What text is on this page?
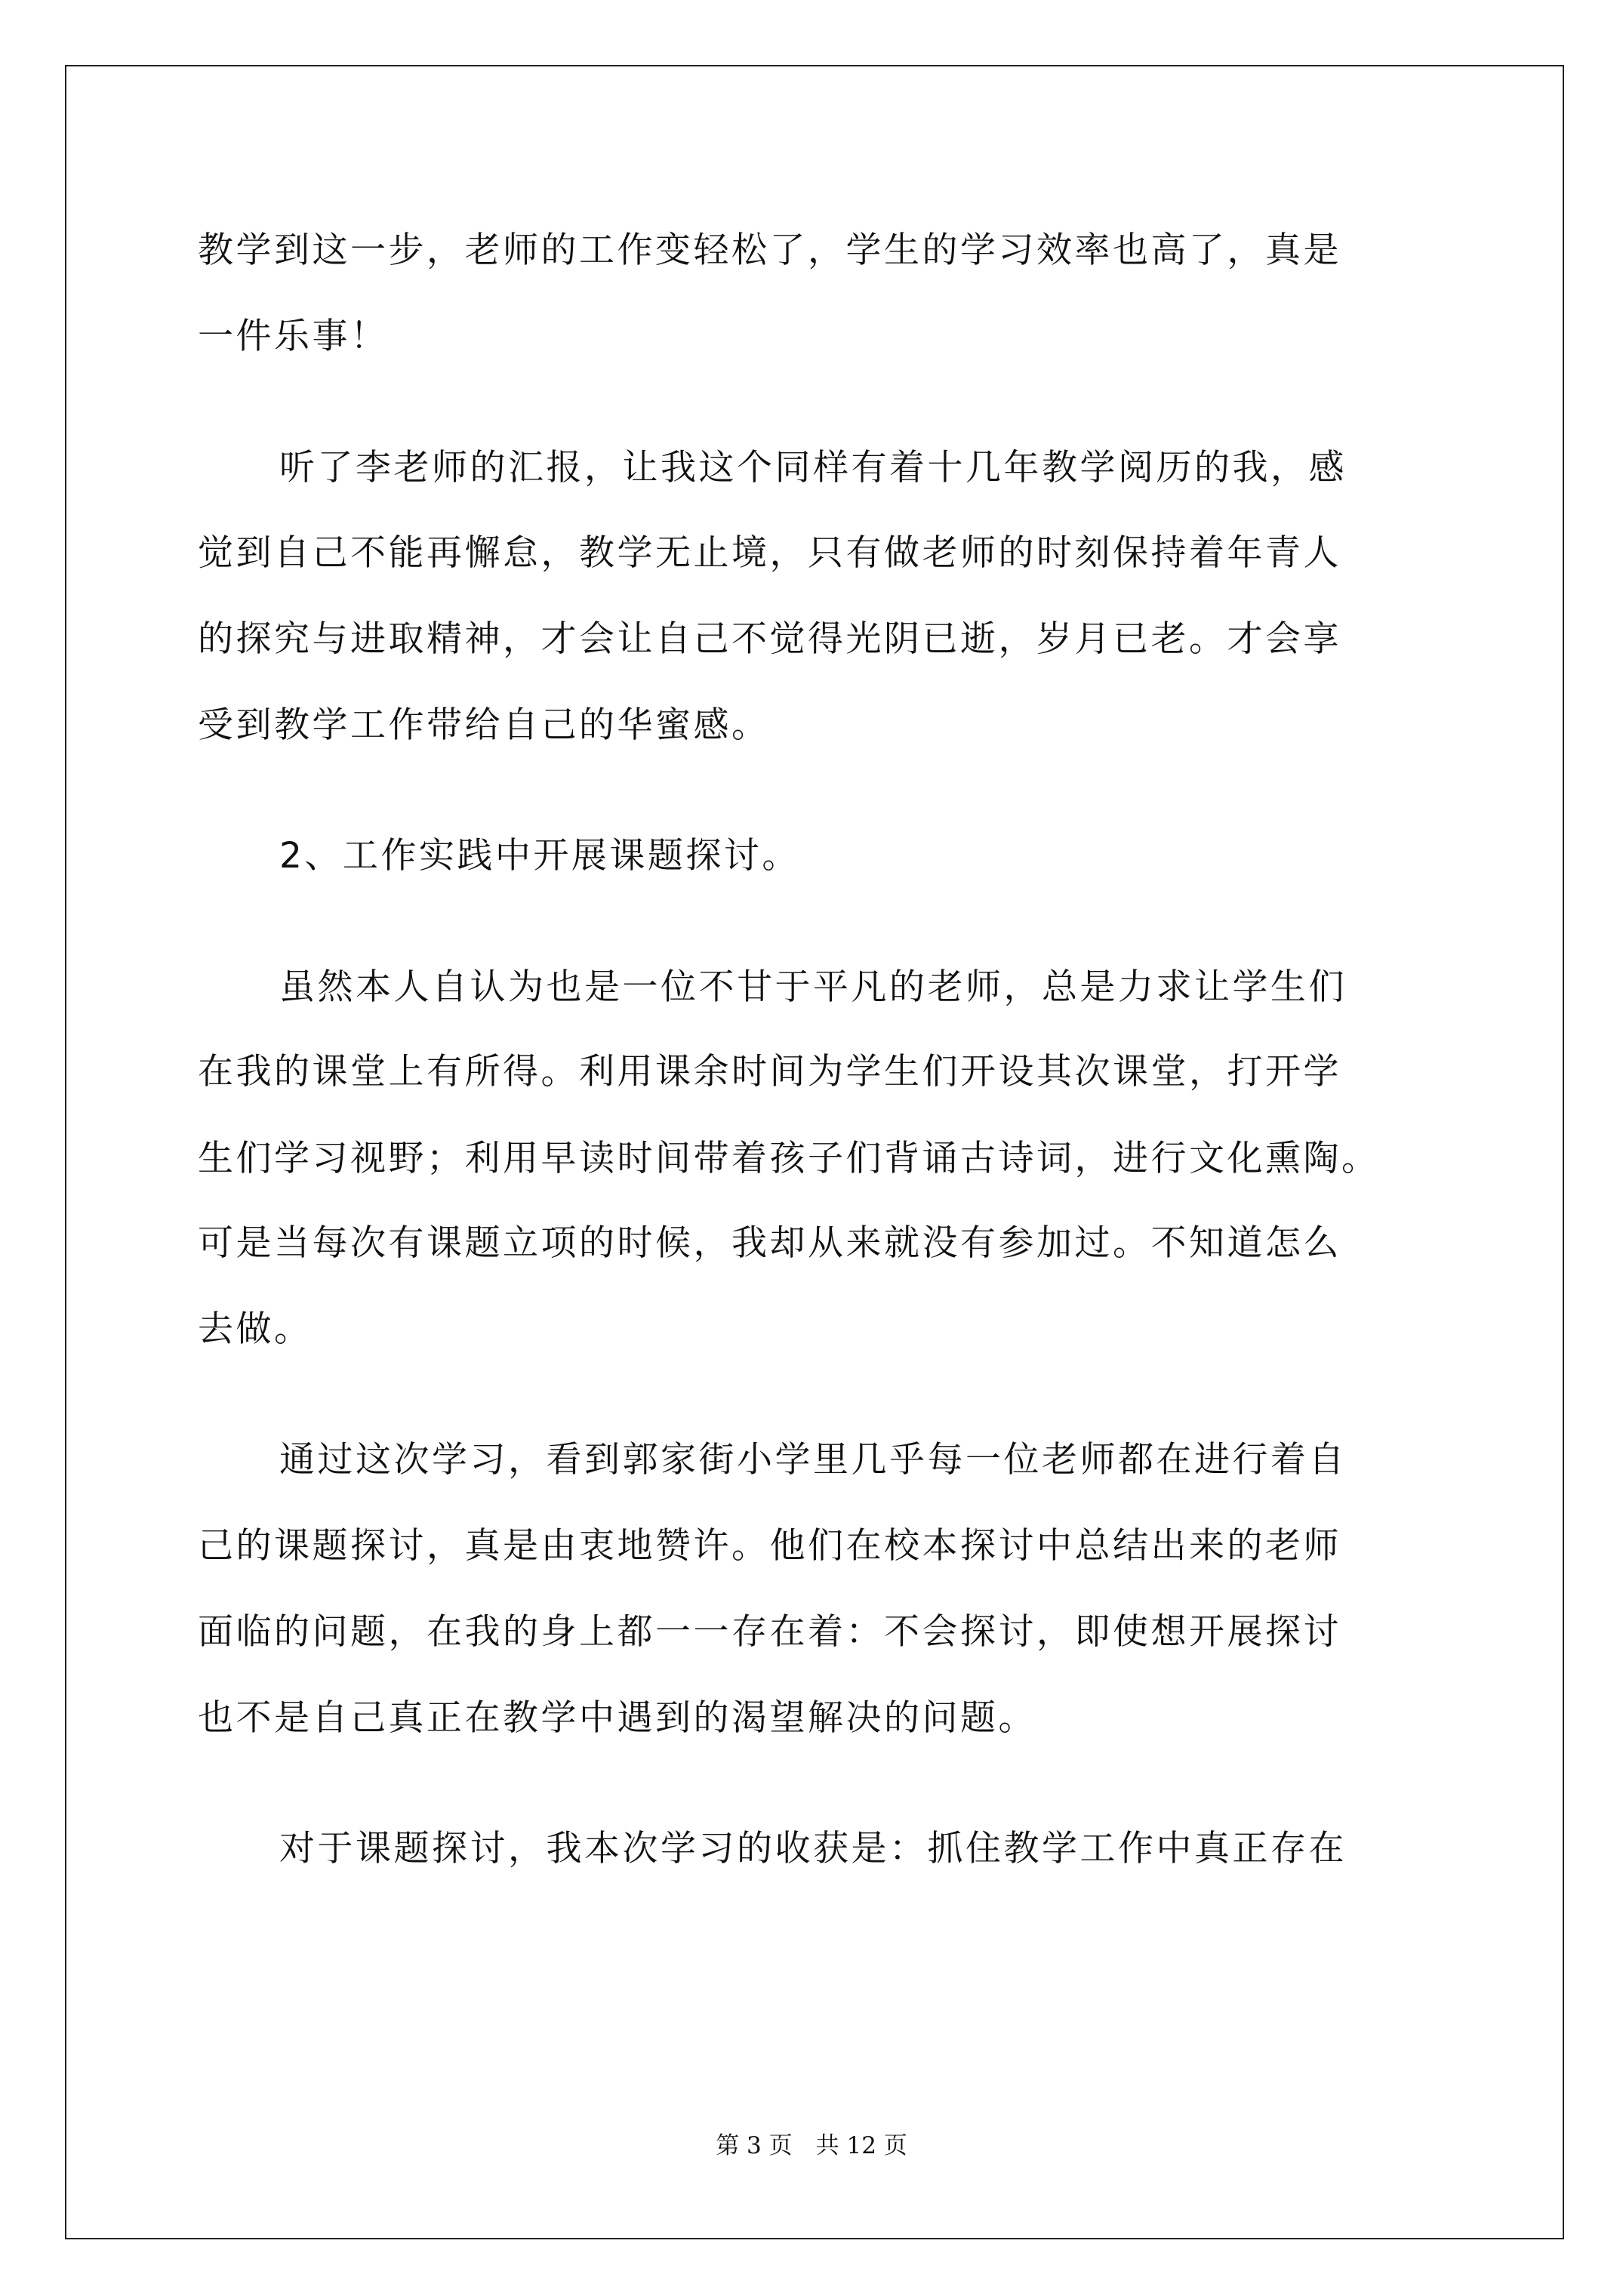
教学到这一步，老师的工作变轻松了，学生的学习效率也高了，真是
一件乐事！
听了李老师的汇报，让我这个同样有着十几年教学阅历的我，感
觉到自己不能再懈怠，教学无止境，只有做老师的时刻保持着年青人
的探究与进取精神，才会让自己不觉得光阴已逝，岁月已老。才会享
受到教学工作带给自己的华蜜感。
2、工作实践中开展课题探讨。
虽然本人自认为也是一位不甘于平凡的老师，总是力求让学生们
在我的课堂上有所得。利用课余时间为学生们开设其次课堂，打开学
生们学习视野；利用早读时间带着孩子们背诵古诗词，进行文化熏陶。
可是当每次有课题立项的时候，我却从来就没有参加过。不知道怎么
去做。
通过这次学习，看到郭家街小学里几乎每一位老师都在进行着自
己的课题探讨，真是由衷地赞许。他们在校本探讨中总结出来的老师
面临的问题，在我的身上都一一存在着：不会探讨，即使想开展探讨
也不是自己真正在教学中遇到的渴望解决的问题。
对于课题探讨，我本次学习的收获是：抓住教学工作中真正存在
第 3 页　共 12 页
